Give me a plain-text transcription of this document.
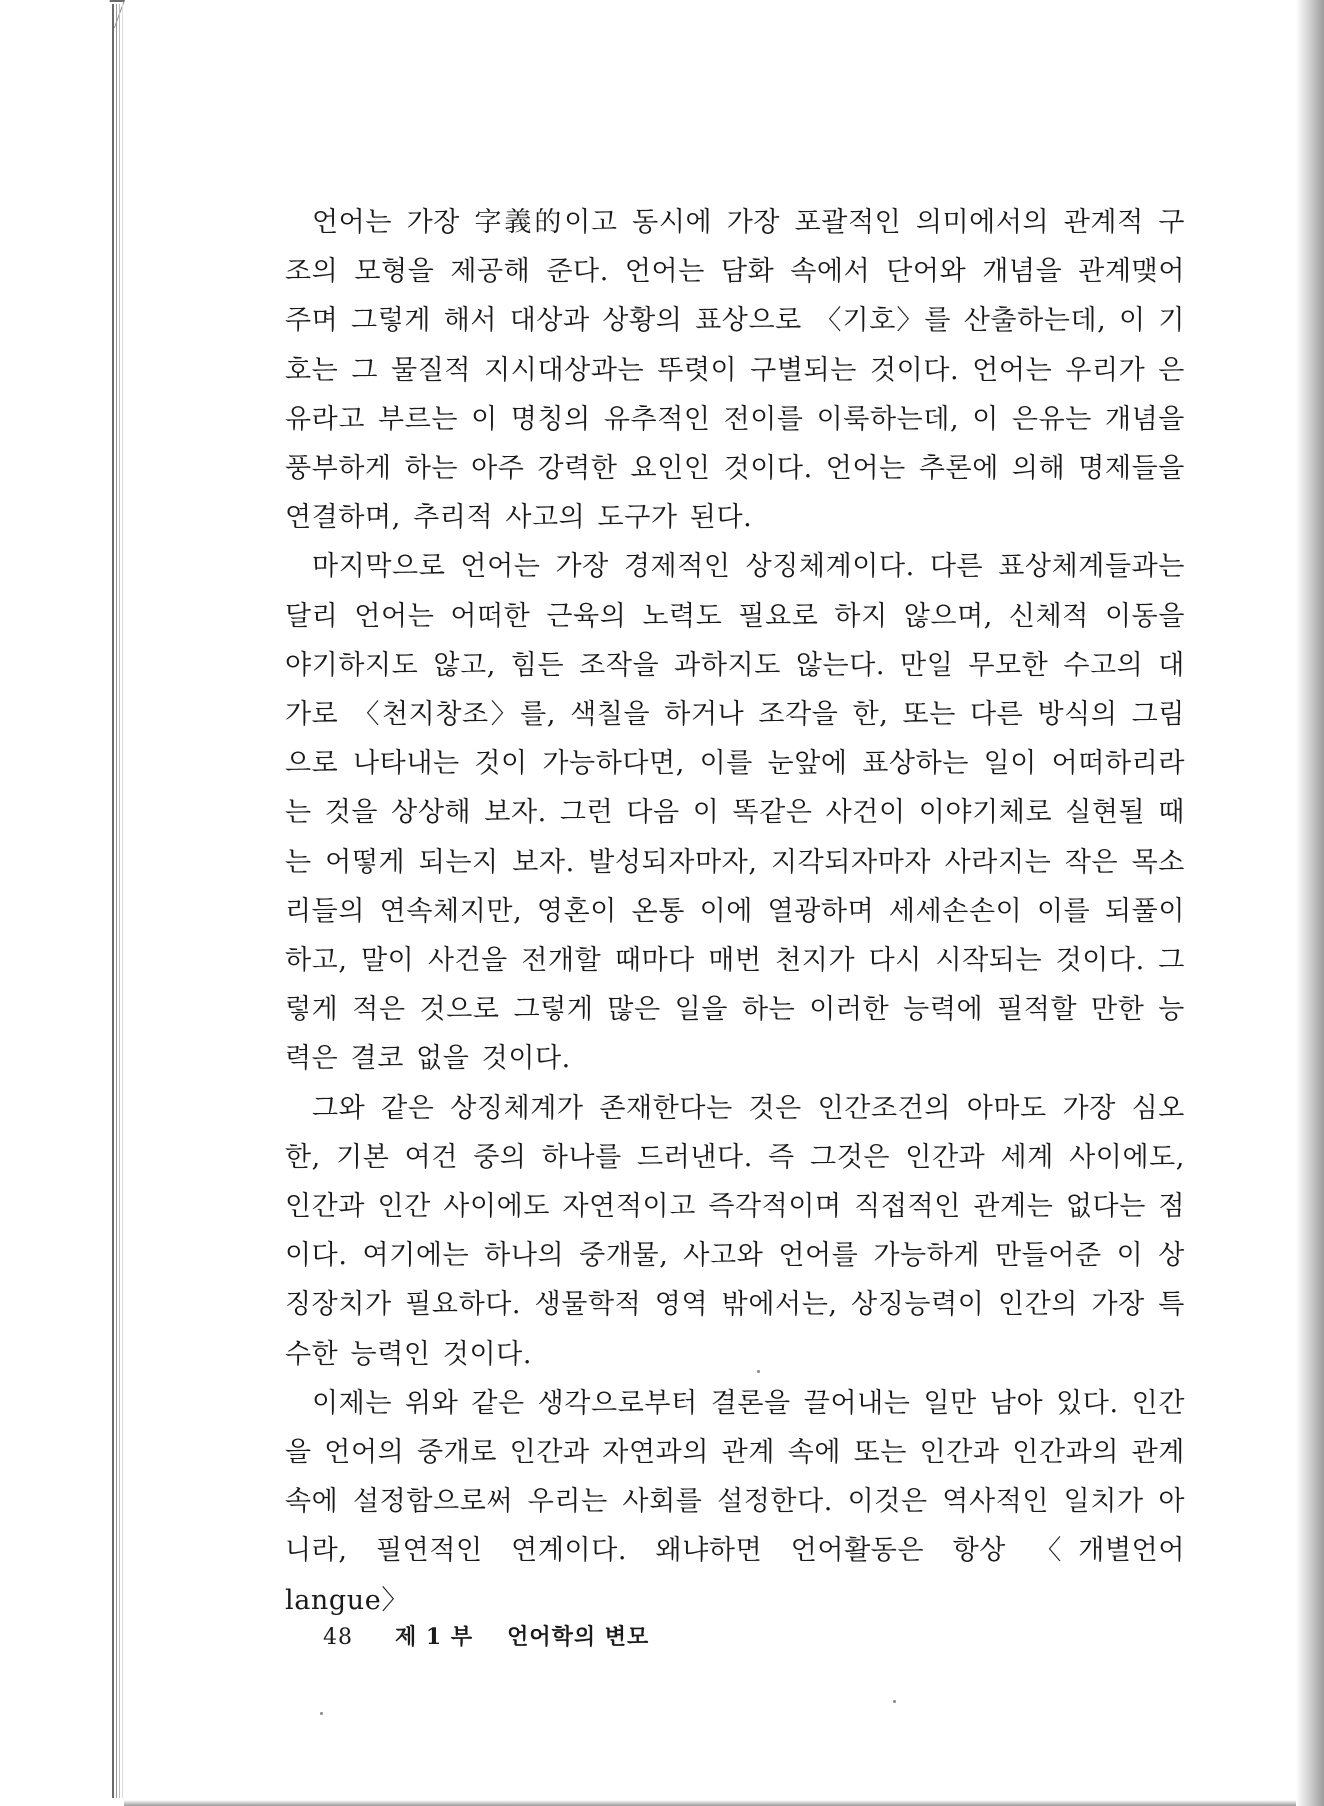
언어는 가장 字義的이고 동시에 가장 포괄적인 의미에서의 관계적 구조의 모형을 제공해 준다. 언어는 담화 속에서 단어와 개념을 관계맺어 주며 그렇게 해서 대상과 상황의 표상으로 〈기호〉를 산출하는데, 이 기호는 그 물질적 지시대상과는 뚜렷이 구별되는 것이다. 언어는 우리가 은유라고 부르는 이 명칭의 유추적인 전이를 이룩하는데, 이 은유는 개념을 풍부하게 하는 아주 강력한 요인인 것이다. 언어는 추론에 의해 명제들을 연결하며, 추리적 사고의 도구가 된다.

마지막으로 언어는 가장 경제적인 상징체계이다. 다른 표상체계들과는 달리 언어는 어떠한 근육의 노력도 필요로 하지 않으며, 신체적 이동을 야기하지도 않고, 힘든 조작을 과하지도 않는다. 만일 무모한 수고의 대가로 〈천지창조〉를, 색칠을 하거나 조각을 한, 또는 다른 방식의 그림으로 나타내는 것이 가능하다면, 이를 눈앞에 표상하는 일이 어떠하리라는 것을 상상해 보자. 그런 다음 이 똑같은 사건이 이야기체로 실현될 때는 어떻게 되는지 보자. 발성되자마자, 지각되자마자 사라지는 작은 목소리들의 연속체지만, 영혼이 온통 이에 열광하며 세세손손이 이를 되풀이하고, 말이 사건을 전개할 때마다 매번 천지가 다시 시작되는 것이다. 그렇게 적은 것으로 그렇게 많은 일을 하는 이러한 능력에 필적할 만한 능력은 결코 없을 것이다.

그와 같은 상징체계가 존재한다는 것은 인간조건의 아마도 가장 심오한, 기본 여건 중의 하나를 드러낸다. 즉 그것은 인간과 세계 사이에도, 인간과 인간 사이에도 자연적이고 즉각적이며 직접적인 관계는 없다는 점이다. 여기에는 하나의 중개물, 사고와 언어를 가능하게 만들어준 이 상징장치가 필요하다. 생물학적 영역 밖에서는, 상징능력이 인간의 가장 특수한 능력인 것이다.

이제는 위와 같은 생각으로부터 결론을 끌어내는 일만 남아 있다. 인간을 언어의 중개로 인간과 자연과의 관계 속에 또는 인간과 인간과의 관계 속에 설정함으로써 우리는 사회를 설정한다. 이것은 역사적인 일치가 아니라, 필연적인 연계이다. 왜냐하면 언어활동은 항상 〈개별언어 langue〉

48 제 1 부 언어학의 변모
